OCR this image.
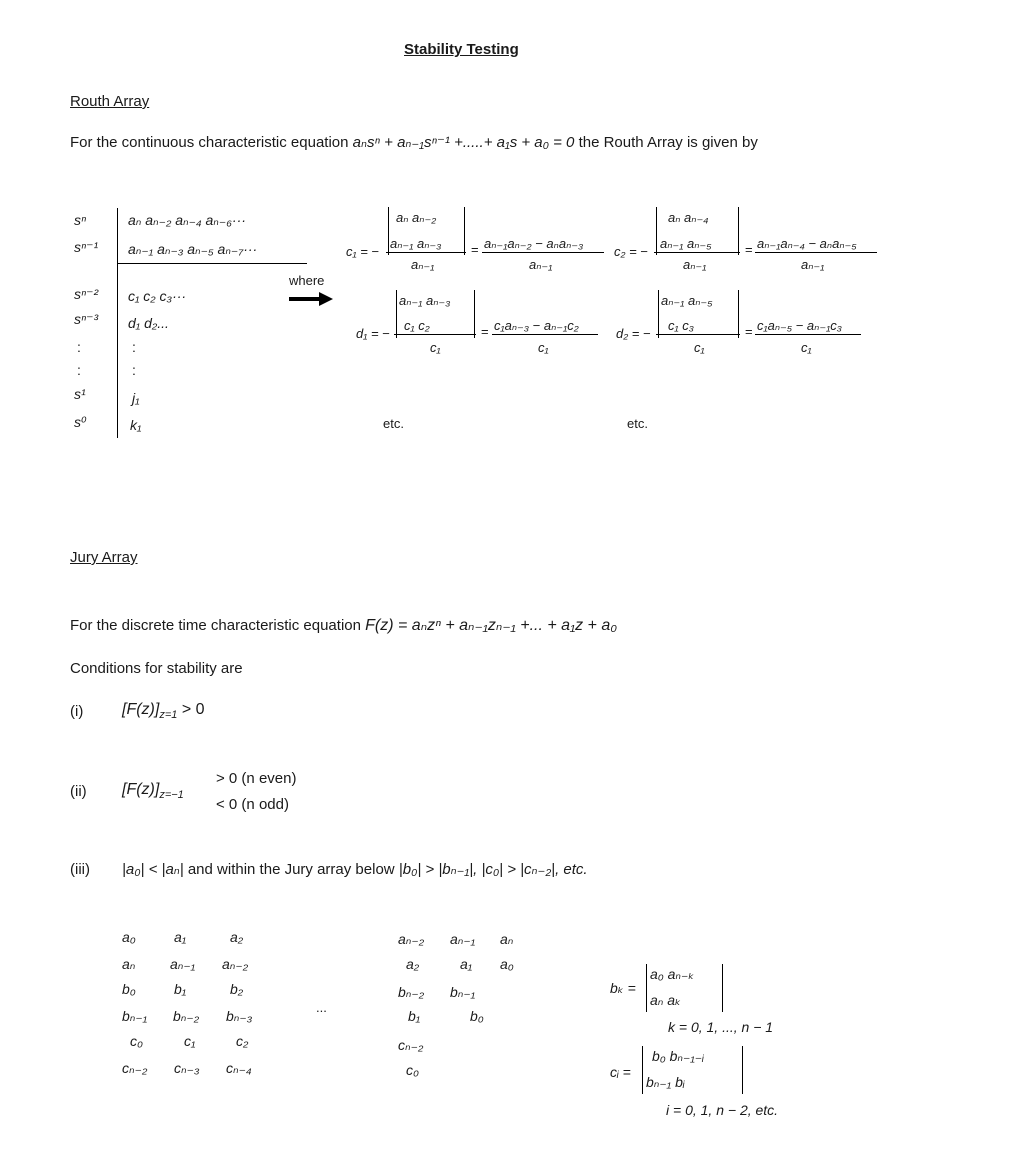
Stability Testing
Routh Array
For the continuous characteristic equation aₙsⁿ + aₙ₋₁sⁿ⁻¹ +.....+ a₁s + a₀ = 0 the Routh Array is given by
sⁿ	aₙ aₙ₋₂ aₙ₋₄ aₙ₋₆···
sⁿ⁻¹ aₙ₋₁ aₙ₋₃ aₙ₋₅ aₙ₋₇···
sⁿ⁻² c₁ c₂ c₃···
sⁿ⁻³ d₁ d₂...
:	:
:	:
s¹	j₁
s⁰	k₁
where
c₁ = −
aₙ aₙ₋₂
aₙ₋₁ aₙ₋₃
aₙ₋₁
= aₙ₋₁aₙ₋₂ − aₙaₙ₋₃
aₙ₋₁
c₂ = −
aₙ aₙ₋₄
aₙ₋₁ aₙ₋₅
aₙ₋₁
= aₙ₋₁aₙ₋₄ − aₙaₙ₋₅
aₙ₋₁
d₁ = −
aₙ₋₁ aₙ₋₃
c₁ c₂
c₁
= c₁aₙ₋₃ − aₙ₋₁c₂
c₁
d₂ = −
aₙ₋₁ aₙ₋₅
c₁ c₃
c₁
= c₁aₙ₋₅ − aₙ₋₁c₃
c₁
etc.	etc.
Jury Array
For the discrete time characteristic equation F(z) = aₙzⁿ + aₙ₋₁zₙ₋₁ +... + a₁z + a₀
Conditions for stability are
(i) $[F(z)]_{z=1} > 0$
(ii) $[F(z)]_{z=-1}$
> 0 (n even)
< 0 (n odd)
(iii) |a₀| < |aₙ| and within the Jury array below |b₀| > |bₙ₋₁|, |c₀| > |cₙ₋₂|, etc.
a₀	a₁	a₂
aₙ aₙ₋₁ aₙ₋₂
b₀	b₁	b₂
bₙ₋₁ bₙ₋₂ bₙ₋₃
c₀	c₁	c₂
cₙ₋₂ cₙ₋₃ cₙ₋₄
...
aₙ₋₂ aₙ₋₁ aₙ
a₂	a₁ a₀
bₙ₋₂ bₙ₋₁
b₁	b₀
cₙ₋₂
c₀
bₖ =
a₀ aₙ₋ₖ
aₙ aₖ
k = 0, 1, ..., n − 1
cᵢ =
b₀ bₙ₋₁₋ᵢ
bₙ₋₁ bᵢ
i = 0, 1, n − 2, etc.
